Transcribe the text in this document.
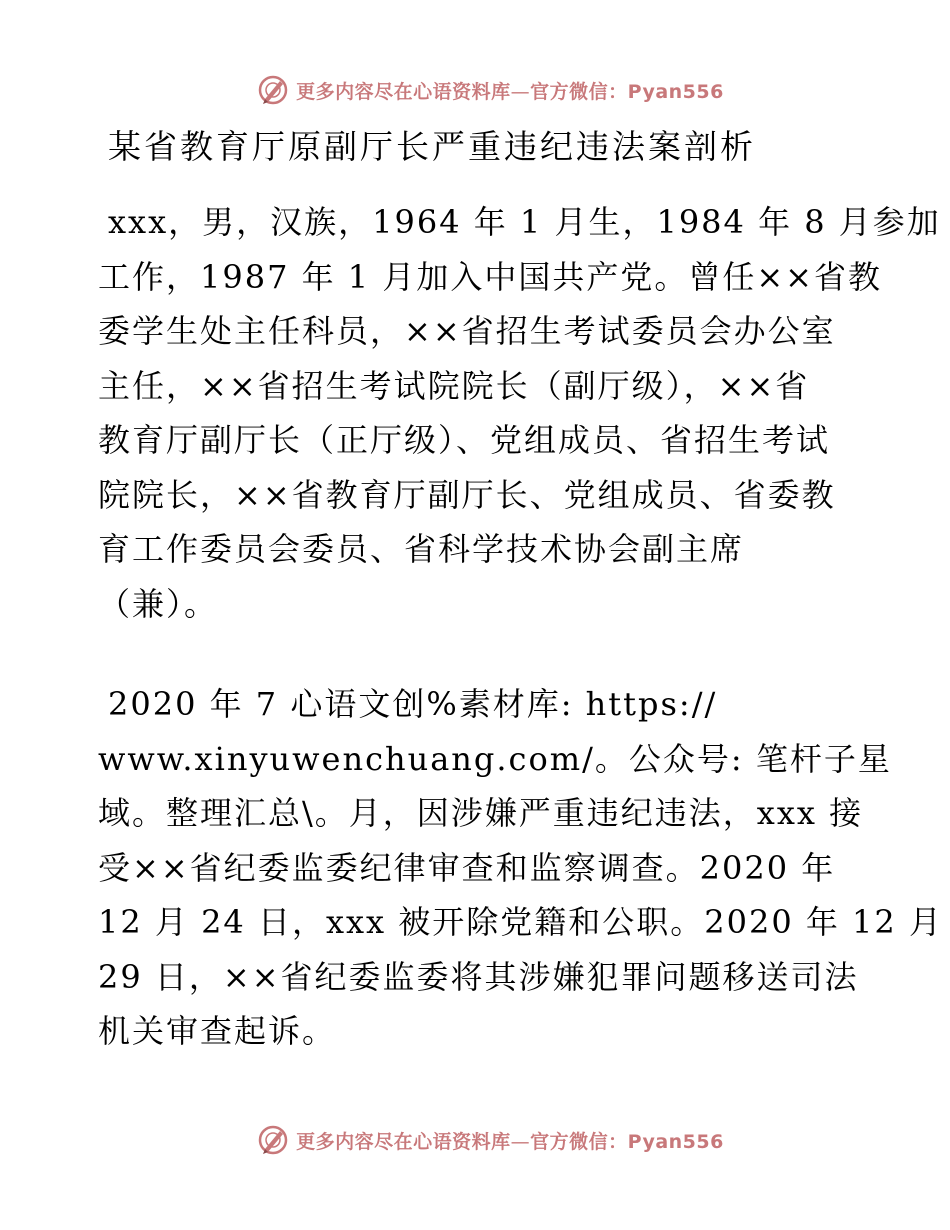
更多内容尽在心语资料库—官方微信：Pyan556
某省教育厅原副厅长严重违纪违法案剖析
xxx，男，汉族，1964 年 1 月生，1984 年 8 月参加
工作，1987 年 1 月加入中国共产党。曾任××省教
委学生处主任科员，××省招生考试委员会办公室
主任，××省招生考试院院长（副厅级），××省
教育厅副厅长（正厅级）、党组成员、省招生考试
院院长，××省教育厅副厅长、党组成员、省委教
育工作委员会委员、省科学技术协会副主席
（兼）。
2020 年 7 心语文创%素材库: https://
www.xinyuwenchuang.com/。公众号: 笔杆子星
域。整理汇总\。月，因涉嫌严重违纪违法，xxx 接
受××省纪委监委纪律审查和监察调查。2020 年
12 月 24 日，xxx 被开除党籍和公职。2020 年 12 月
29 日，××省纪委监委将其涉嫌犯罪问题移送司法
机关审查起诉。
更多内容尽在心语资料库—官方微信：Pyan556
